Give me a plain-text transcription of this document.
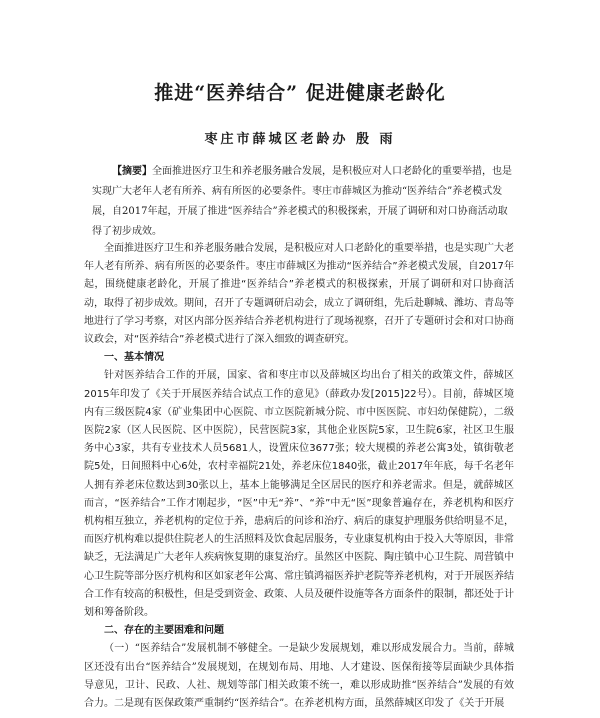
推进“医养结合” 促进健康老龄化
枣庄市薛城区老龄办 殷 雨

【摘要】全面推进医疗卫生和养老服务融合发展，是积极应对人口老龄化的重要举措，也是实现广大老年人老有所养、病有所医的必要条件。枣庄市薛城区为推动“医养结合”养老模式发展，自2017年起，开展了推进“医养结合”养老模式的积极探索，开展了调研和对口协商活动取得了初步成效。

全面推进医疗卫生和养老服务融合发展，是积极应对人口老龄化的重要举措，也是实现广大老年人老有所养、病有所医的必要条件。枣庄市薛城区为推动“医养结合”养老模式发展，自2017年起，围绕健康老龄化，开展了推进“医养结合”养老模式的积极探索，开展了调研和对口协商活动，取得了初步成效。期间，召开了专题调研启动会，成立了调研组，先后赴聊城、潍坊、青岛等地进行了学习考察，对区内部分医养结合养老机构进行了现场视察，召开了专题研讨会和对口协商议政会，对“医养结合”养老模式进行了深入细致的调查研究。

一、基本情况

针对医养结合工作的开展，国家、省和枣庄市以及薛城区均出台了相关的政策文件，薛城区2015年印发了《关于开展医养结合试点工作的意见》（薛政办发[2015]22号）。目前，薛城区境内有三级医院4家（矿业集团中心医院、市立医院新城分院、市中医医院、市妇幼保健院），二级医院2家（区人民医院、区中医院），民营医院3家，其他企业医院5家，卫生院6家，社区卫生服务中心3家，共有专业技术人员5681人，设置床位3677张；较大规模的养老公寓3处，镇街敬老院5处，日间照料中心6处，农村幸福院21处，养老床位1840张，截止2017年年底，每千名老年人拥有养老床位数达到30张以上，基本上能够满足全区居民的医疗和养老需求。但是，就薛城区而言，“医养结合”工作才刚起步，“医”中无“养”、“养”中无“医”现象普遍存在，养老机构和医疗机构相互独立，养老机构的定位于养，患病后的问诊和治疗、病后的康复护理服务供给明显不足，而医疗机构难以提供住院老人的生活照料及饮食起居服务，专业康复机构由于投入大等原因，非常缺乏，无法满足广大老年人疾病恢复期的康复治疗。虽然区中医院、陶庄镇中心卫生院、周营镇中心卫生院等部分医疗机构和区如家老年公寓、常庄镇鸿福医养护老院等养老机构，对于开展医养结合工作有较高的积极性，但是受到资金、政策、人员及硬件设施等各方面条件的限制，都还处于计划和筹备阶段。

二、存在的主要困难和问题

（一）“医养结合”发展机制不够健全。一是缺少发展规划，难以形成发展合力。当前，薛城区还没有出台“医养结合”发展规划，在规划布局、用地、人才建设、医保衔接等层面缺少具体指导意见，卫计、民政、人社、规划等部门相关政策不统一，难以形成助推“医养结合”发展的有效合力。二是现有医保政策严重制约“医养结合”。在养老机构方面，虽然薛城区印发了《关于开展
